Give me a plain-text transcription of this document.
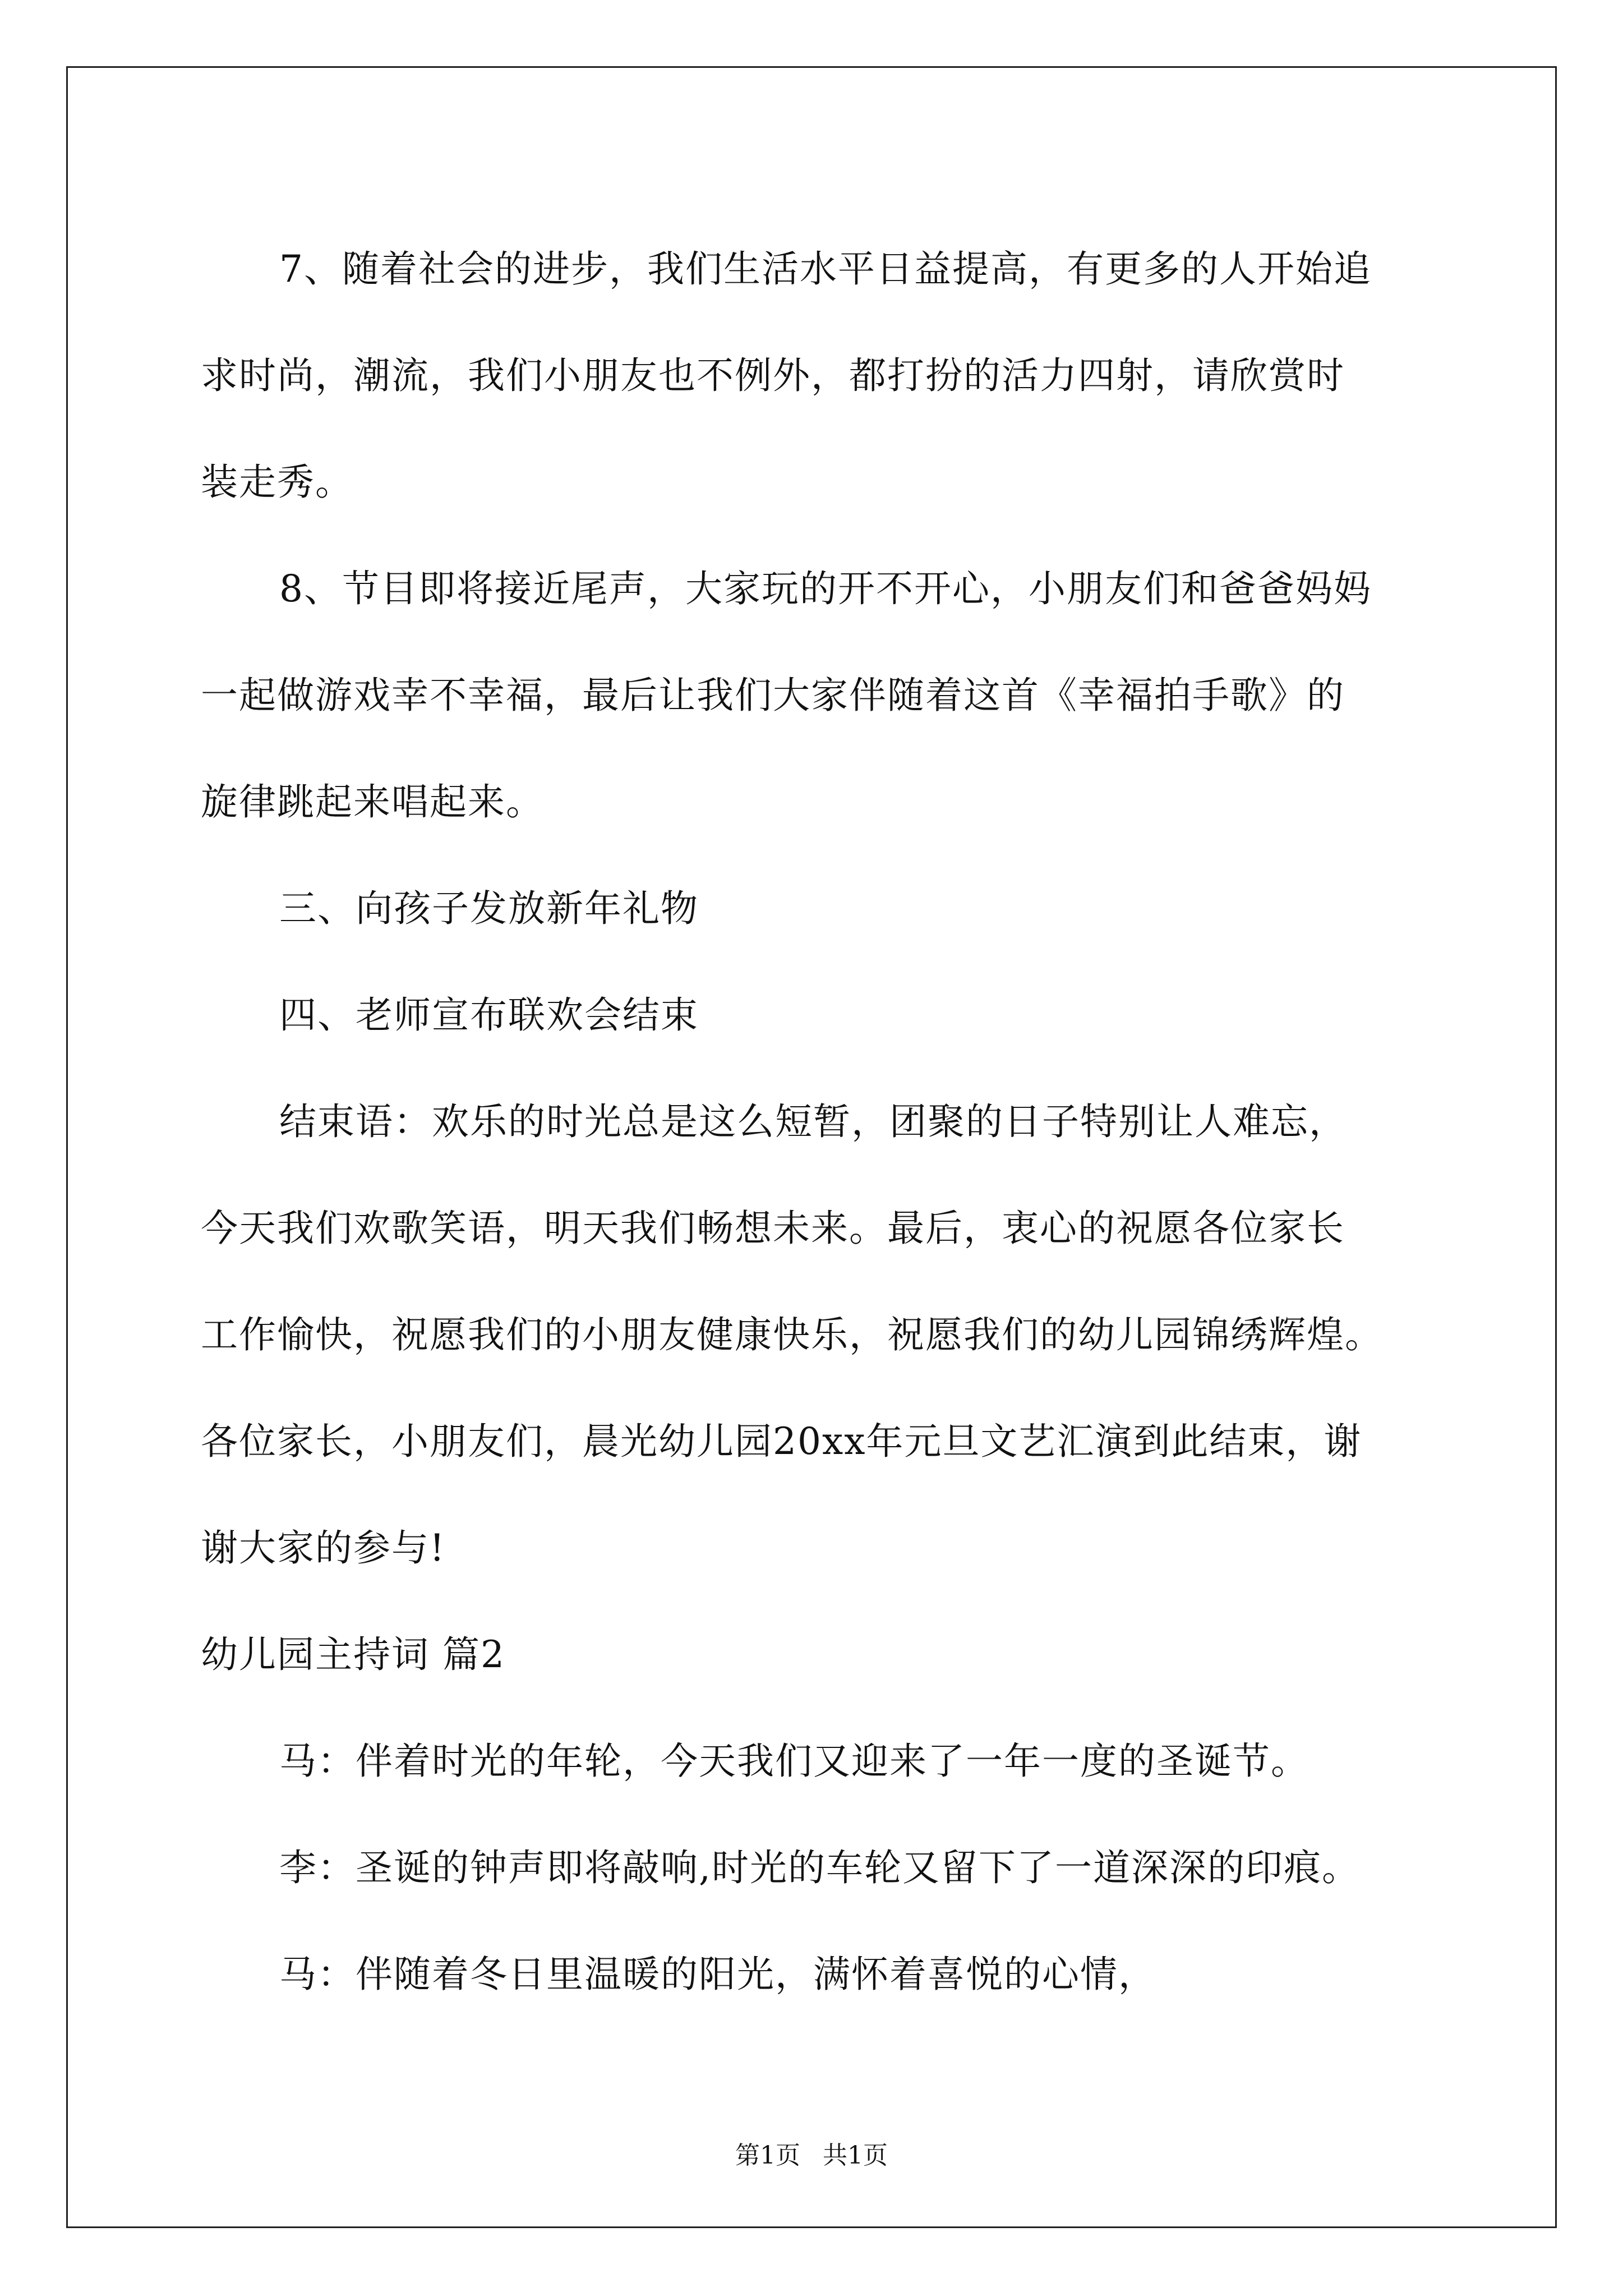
7、随着社会的进步，我们生活水平日益提高，有更多的人开始追
求时尚，潮流，我们小朋友也不例外，都打扮的活力四射，请欣赏时
装走秀。
8、节目即将接近尾声，大家玩的开不开心，小朋友们和爸爸妈妈
一起做游戏幸不幸福，最后让我们大家伴随着这首《幸福拍手歌》的
旋律跳起来唱起来。
三、向孩子发放新年礼物
四、老师宣布联欢会结束
结束语：欢乐的时光总是这么短暂，团聚的日子特别让人难忘，
今天我们欢歌笑语，明天我们畅想未来。最后，衷心的祝愿各位家长
工作愉快，祝愿我们的小朋友健康快乐，祝愿我们的幼儿园锦绣辉煌。
各位家长，小朋友们，晨光幼儿园20xx年元旦文艺汇演到此结束，谢
谢大家的参与!
幼儿园主持词 篇2
马：伴着时光的年轮，今天我们又迎来了一年一度的圣诞节。
李：圣诞的钟声即将敲响,时光的车轮又留下了一道深深的印痕。
马：伴随着冬日里温暖的阳光，满怀着喜悦的心情，
第1页 共1页
